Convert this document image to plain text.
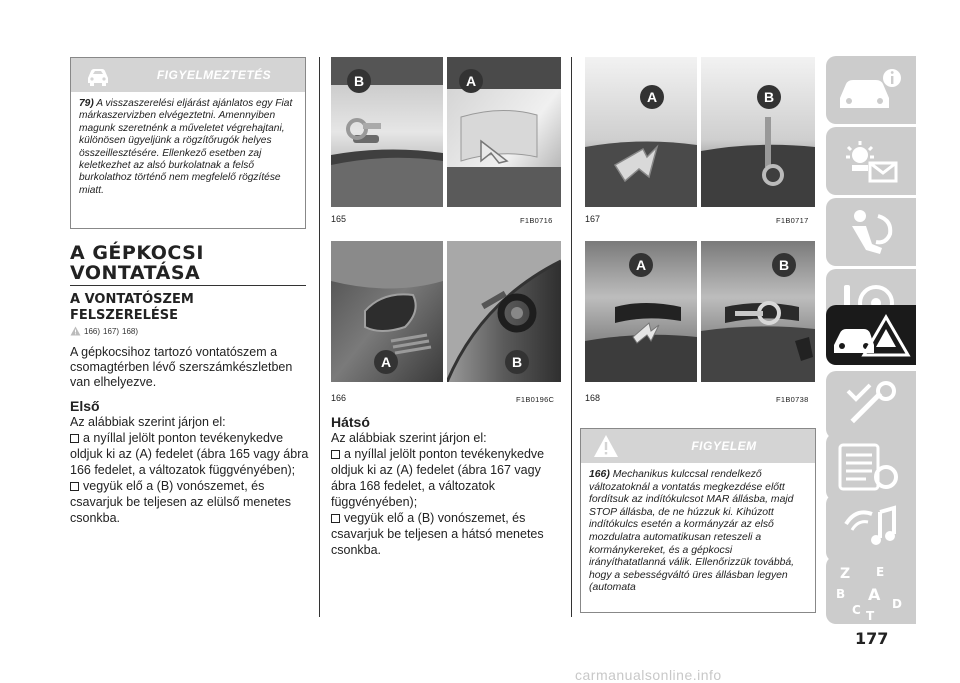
FIGYELMEZTETÉS
79) A visszaszerelési eljárást ajánlatos egy Fiat márkaszervizben elvégeztetni. Amennyiben magunk szeretnénk a műveletet végrehajtani, különösen ügyeljünk a rögzítőrugók helyes összeillesztésére. Ellenkező esetben zaj keletkezhet az alsó burkolatnak a felső burkolathoz történő nem megfelelő rögzítése miatt.
A GÉPKOCSI VONTATÁSA
A VONTATÓSZEM FELSZERELÉSE
166) 167) 168)
A gépkocsihoz tartozó vontatószem a csomagtérben lévő szerszámkészletben van elhelyezve.
Első
Az alábbiak szerint járjon el:
a nyíllal jelölt ponton tevékenykedve oldjuk ki az (A) fedelet (ábra 165 vagy ábra 166 fedelet, a változatok függvényében);
vegyük elő a (B) vonószemet, és csavarjuk be teljesen az elülső menetes csonkba.
B	A
165	F1B0716
A	B
166	F1B0196C
Hátsó
Az alábbiak szerint járjon el:
a nyíllal jelölt ponton tevékenykedve oldjuk ki az (A) fedelet (ábra 167 vagy ábra 168 fedelet, a változatok függvényében);
vegyük elő a (B) vonószemet, és csavarjuk be teljesen a hátsó menetes csonkba.
A	B
167	F1B0717
A	B
168	F1B0738
FIGYELEM
166) Mechanikus kulccsal rendelkező változatoknál a vontatás megkezdése előtt fordítsuk az indítókulcsot MAR állásba, majd STOP állásba, de ne húzzuk ki. Kihúzott indítókulcs esetén a kormányzár az első mozdulatra automatikusan reteszeli a kormánykereket, és a gépkocsi irányíthatatlanná válik. Ellenőrizzük továbbá, hogy a sebességváltó üres állásban legyen (automata
Z E
B A
C	D
T
177
carmanualsonline.info
